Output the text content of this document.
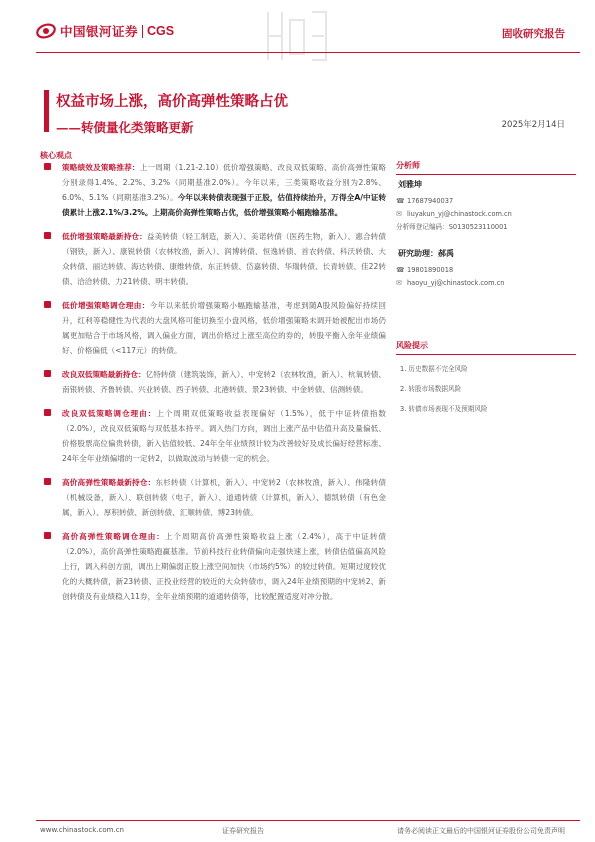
中国银河证券 CGS	固收研究报告
权益市场上涨，高价高弹性策略占优
——转债量化类策略更新	2025年2月14日
核心观点
策略绩效及策略推荐：上一周期（1.21-2.10）低价增强策略、改良双低策略、高价高弹性策略分别录得1.4%、2.2%、3.2%（同期基准2.0%）。今年以来，三类策略收益分别为2.8%、6.0%、5.1%（同期基准3.2%）。今年以来转债表现强于正股，估值持续抬升，万得全A/中证转债累计上涨2.1%/3.2%。上期高价高弹性策略占优，低价增强策略小幅跑输基准。
低价增强策略最新持仓：益美转债（轻工制造，新入）、美诺转债（医药生物，新入）、惠合转债（钢铁，新入）、康锐转债（农林牧渔，新入）、润博转债、恒逸转债、首农转债、科沃转债、大众转债、丽达转债、海达转债、康维转债、东正转债、岱嘉转债、华瑞转债、长青转债、佳22转债、洽洽转债、力21转债、明丰转债。
低价增强策略调仓理由：今年以来低价增强策略小幅跑输基准，考虑到随A股风险偏好持续回升，红利等稳健性为代表的大盘风格可能切换至小盘风格，低价增强策略未调开始被配出市场仍属更加贴合于市场风格，调入偏业方面，调出价格过上涨至高位的券的，转股平衡入余年业绩偏好、价格偏低（<117元）的转债。
改良双低策略最新持仓：亿特转债（建筑装饰，新入）、中宠转2（农林牧渔，新入）、杭氧转债、南银转债、齐鲁转债、兴业转债、西子转债、北港转债、景23转债、中金转债、信测转债。
改良双低策略调仓理由：上个周期双低策略收益表现偏好（1.5%），低于中证转债指数（2.0%），改良双低策略与双低基本持平。调入热门方向，调出上涨产品中估值升高及量偏低、价格股票高位偏贵转债，新入估值较低、24年全年业绩预计较为改善较好及成长偏好经营标准、24年全年业绩偏增的一定转2，以做取波动与转债一定的机会。
高价高弹性策略最新持仓：东杉转债（计算机，新入）、中宠转2（农林牧渔，新入）、伟隆转债（机械设备，新入）、联创转债（电子，新入）、道通转债（计算机，新入）、德凯转债（有色金属，新入）、厚积转债、新创转债、汇顺转债、博23转债。
高价高弹性策略调仓理由：上个周期高价高弹性策略收益上涨（2.4%），高于中证转债（2.0%），高价高弹性策略跑赢基准。节前科技行业转债偏向走强快速上涨，转债估值偏高风险上行，调入科创方面，调出上期偏弱正股上涨空间加快（市场约5%）的较过转债。短期过度较优化的大概转债，新23转债、正投业经营的较近的大众转债市，调入24年业绩预期的中宠转2、新创转债及有业绩稳入11券，全年业绩预期的道通转债等，比较配置适度对冲分散。
分析师
刘雅坤
☎ 17687940037
✉ liuyakun_yj@chinastock.com.cn
分析师登记编码： S0130523110001
研究助理：郝禹
☎ 19801890018
✉ haoyu_yj@chinastock.com.cn
风险提示
1. 历史数据不完全风险
2. 转股市场数据风险
3. 转债市场表现不及预期风险
www.chinastock.com.cn	证券研究报告	请务必阅读正文最后的中国银河证券股份公司免责声明
